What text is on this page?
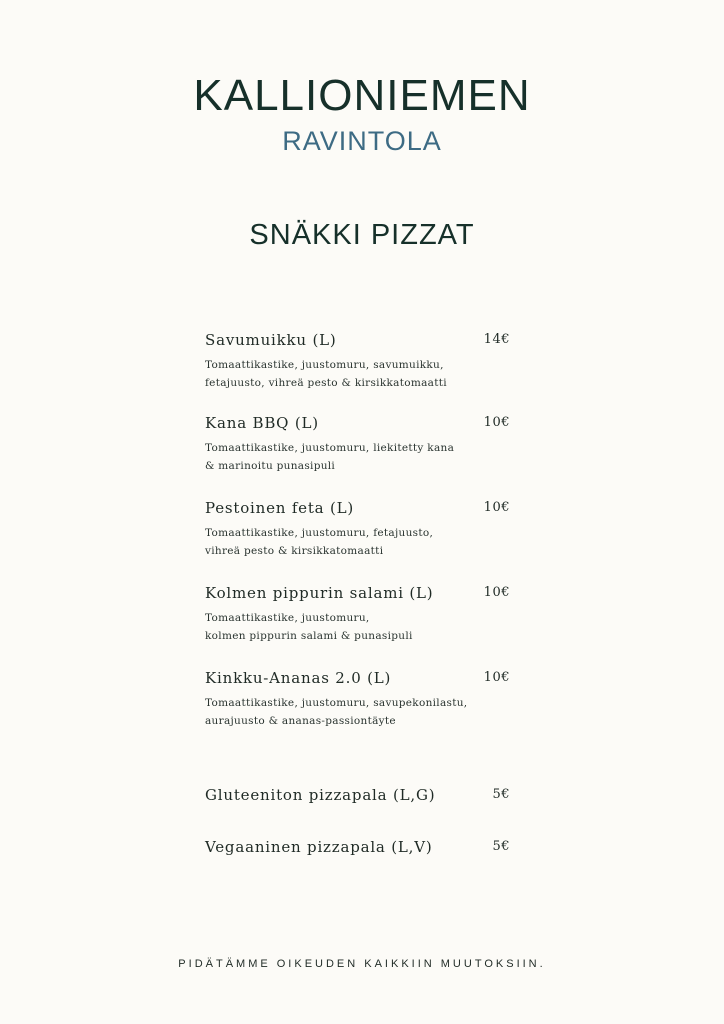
KALLIONIEMEN
RAVINTOLA
SNÄKKI PIZZAT
Savumuikku (L)	14€
Tomaattikastike, juustomuru, savumuikku,
fetajuusto, vihreä pesto & kirsikkatomaatti
Kana BBQ (L)	10€
Tomaattikastike, juustomuru, liekitetty kana
& marinoitu punasipuli
Pestoinen feta (L)	10€
Tomaattikastike, juustomuru, fetajuusto,
vihreä pesto & kirsikkatomaatti
Kolmen pippurin salami (L)	10€
Tomaattikastike, juustomuru,
kolmen pippurin salami & punasipuli
Kinkku-Ananas 2.0 (L)	10€
Tomaattikastike, juustomuru, savupekonilastu,
aurajuusto & ananas-passiontäyte
Gluteeniton pizzapala (L,G)	5€
Vegaaninen pizzapala (L,V)	5€
PIDÄTÄMME OIKEUDEN KAIKKIIN MUUTOKSIIN.
